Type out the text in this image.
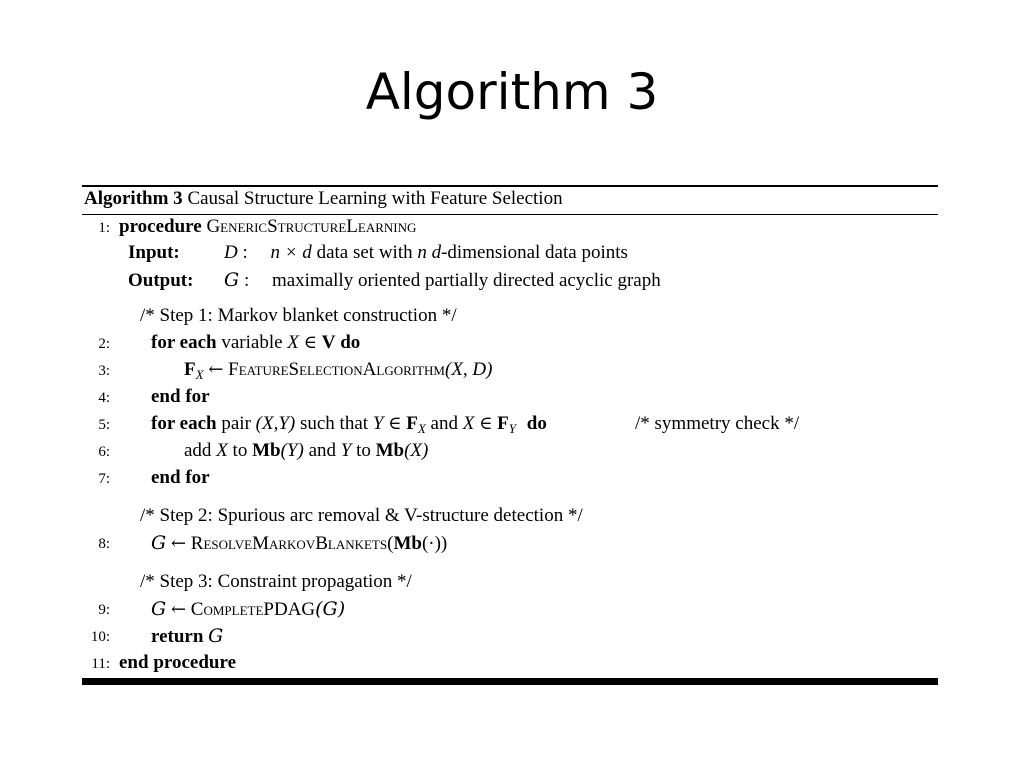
Algorithm 3
Algorithm 3 Causal Structure Learning with Feature Selection
1: procedure GenericStructureLearning
Input: D : n × d data set with n d-dimensional data points
Output: G : maximally oriented partially directed acyclic graph
/* Step 1: Markov blanket construction */
2: for each variable X ∈ V do
3:	$F_X$ ← FeatureSelectionAlgorithm(X, D)
4: end for
5: for each pair (X,Y) such that Y ∈ $F_X$ and X ∈ $F_Y$ do	/* symmetry check */
6:	add X to Mb(Y) and Y to Mb(X)
7: end for
/* Step 2: Spurious arc removal & V-structure detection */
8: G ← ResolveMarkovBlankets(Mb(·))
/* Step 3: Constraint propagation */
9: G ← CompletePDAG(G)
10: return G
11: end procedure
